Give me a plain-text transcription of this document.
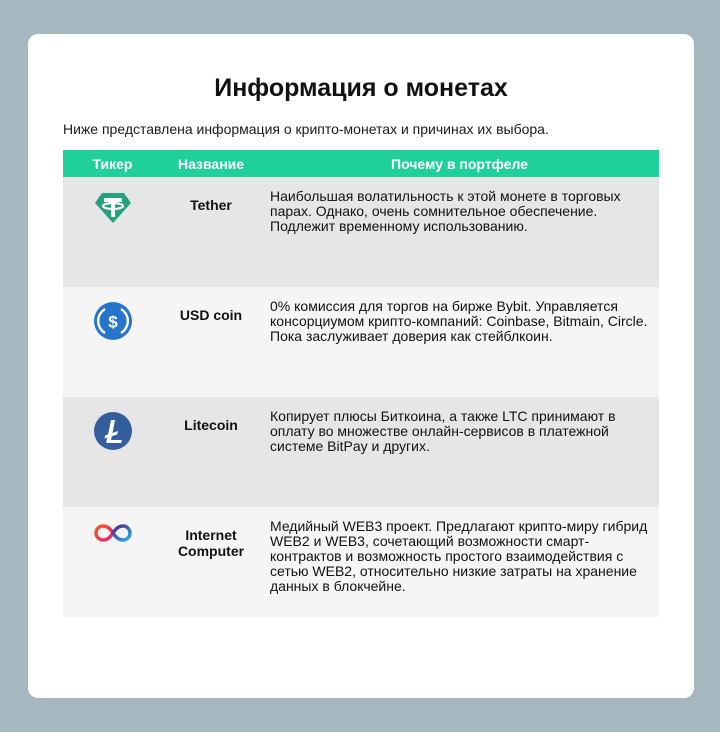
Информация о монетах
Ниже представлена информация о крипто-монетах и причинах их выбора.
Тикер	Название	Почему в портфеле
	Tether	Наибольшая волатильность к этой монете в торговых парах. Однако, очень сомнительное обеспечение. Подлежит временному использованию.

$	USD coin	0% комиссия для торгов на бирже Bybit. Управляется консорциумом крипто-компаний: Coinbase, Bitmain, Circle. Пока заслуживает доверия как стейблкоин.
	Litecoin	Копирует плюсы Биткоина, а также LTC принимают в оплату во множестве онлайн-сервисов в платежной системе BitPay и других.
	Internet Computer	Медийный WEB3 проект. Предлагают крипто-миру гибрид WEB2 и WEB3, сочетающий возможности смарт-контрактов и возможность простого взаимодействия с сетью WEB2, относительно низкие затраты на хранение данных в блокчейне.
